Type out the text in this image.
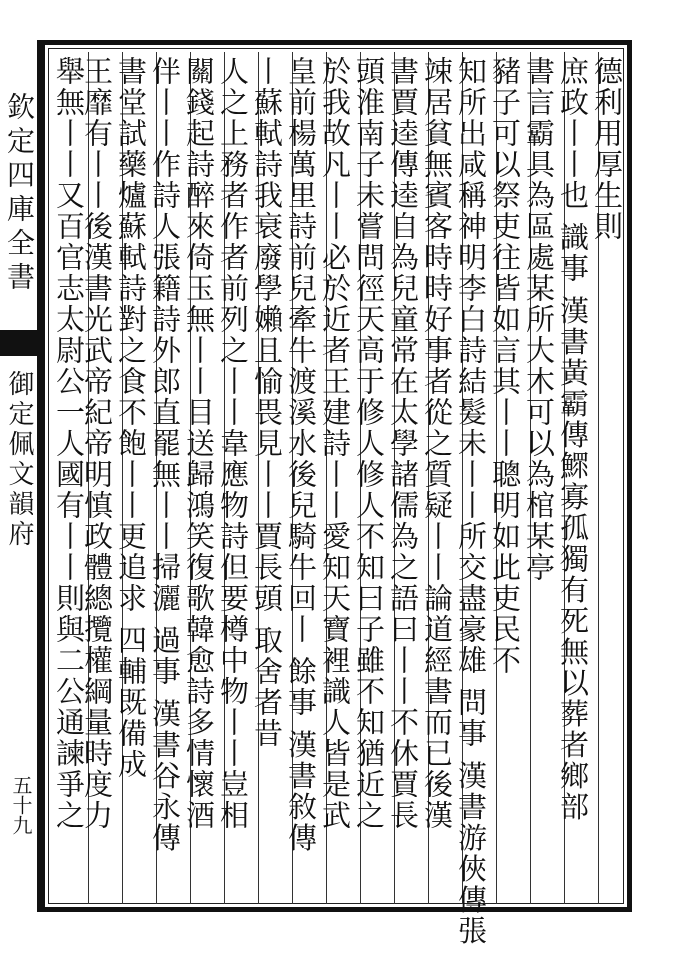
欽定四庫全書
御定佩文韻府
五十九
德利用厚生則
庶政丨丨也 識事 漢書黃霸傳鰥寡孤獨有死無以葬者鄉部
書言霸具為區處某所大木可以為棺某亭
豬子可以祭吏往皆如言其丨丨聰明如此吏民不
知所出咸稱神明李白詩結髮未丨丨所交盡豪雄 問事 漢書游俠傳張
竦居貧無賓客時時好事者從之質疑丨丨論道經書而已後漢
書賈逵傳逵自為兒童常在太學諸儒為之語曰丨丨不休賈長
頭淮南子未嘗問徑天高于修人修人不知曰子雖不知猶近之
於我故凡丨丨必於近者王建詩丨丨愛知天寶裡識人皆是武
皇前楊萬里詩前兒牽牛渡溪水後兒騎牛回丨 餘事 漢書敘傳
丨蘇軾詩我衰廢學嬾且愉畏見丨丨賈長頭 取舍者昔
人之上務者作者前列之丨丨韋應物詩但要樽中物丨丨豈相
關錢起詩醉來倚玉無丨丨目送歸鴻笑復歌韓愈詩多情懷酒
伴丨丨作詩人張籍詩外郎直罷無丨丨掃灑 過事 漢書谷永傳
書堂試藥爐蘇軾詩對之食不飽丨丨更追求 四輔既備成
王靡有丨丨後漢書光武帝紀帝明慎政體總攬權綱量時度力
舉無丨丨又百官志太尉公一人國有丨丨則與二公通諫爭之
